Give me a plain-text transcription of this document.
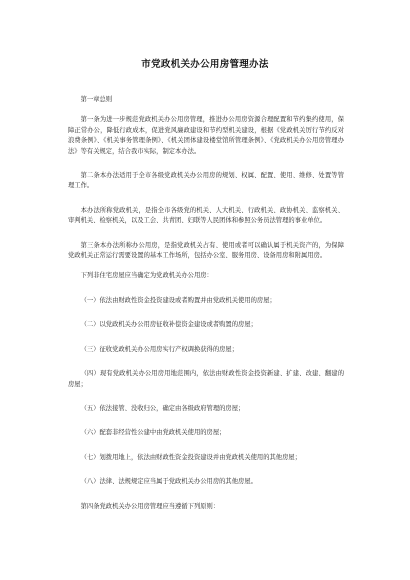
市党政机关办公用房管理办法

第一章总则

第一条为进一步规范党政机关办公用房管理，推进办公用房资源合理配置和节约集约使用，保障正常办公，降低行政成本，促进党风廉政建设和节约型机关建设，根据《党政机关厉行节约反对浪费条例》、《机关事务管理条例》、《机关团体建设楼堂馆所管理条例》、《党政机关办公用房管理办法》等有关规定，结合我市实际，制定本办法。

第二条本办法适用于全市各级党政机关办公用房的规划、权属、配置、使用、维修、处置等管理工作。

本办法所称党政机关，是指全市各级党的机关、人大机关、行政机关、政协机关、监察机关、审判机关、检察机关，以及工会、共青团、妇联等人民团体和参照公务员法管理的事业单位。

第三条本办法所称办公用房，是指党政机关占有、使用或者可以确认属于机关资产的，为保障党政机关正常运行需要设置的基本工作场所，包括办公室、服务用房、设备用房和附属用房。

下列非住宅房屋应当确定为党政机关办公用房：

（一）依法由财政性资金投资建设或者购置并由党政机关使用的房屋；

（二）以党政机关办公用房征收补偿资金建设或者购置的房屋；

（三）征收党政机关办公用房实行产权调换获得的房屋；

（四）现有党政机关办公用房用地范围内，依法由财政性资金投资新建、扩建、改建、翻建的房屋；

（五）依法接管、没收归公，确定由各级政府管理的房屋；

（六）配套非经营性公建中由党政机关使用的房屋；

（七）划拨用地上，依法由财政性资金投资建设并由党政机关使用的其他房屋；

（八）法律、法规规定应当属于党政机关办公用房的其他房屋。

第四条党政机关办公用房管理应当遵循下列原则：
